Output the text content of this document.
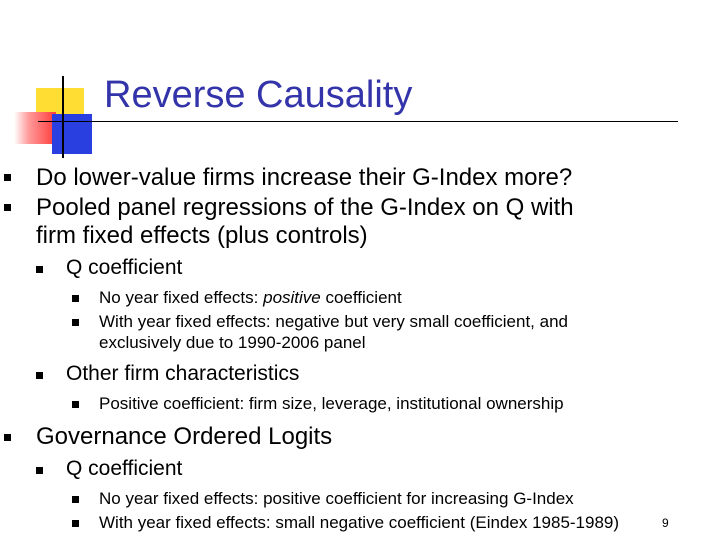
Reverse Causality
Do lower-value firms increase their G-Index more?
Pooled panel regressions of the G-Index on Q with
firm fixed effects (plus controls)
Q coefficient
No year fixed effects: positive coefficient
With year fixed effects: negative but very small coefficient, and
exclusively due to 1990-2006 panel
Other firm characteristics
Positive coefficient: firm size, leverage, institutional ownership
Governance Ordered Logits
Q coefficient
No year fixed effects: positive coefficient for increasing G-Index
With year fixed effects: small negative coefficient (Eindex 1985-1989)	9
